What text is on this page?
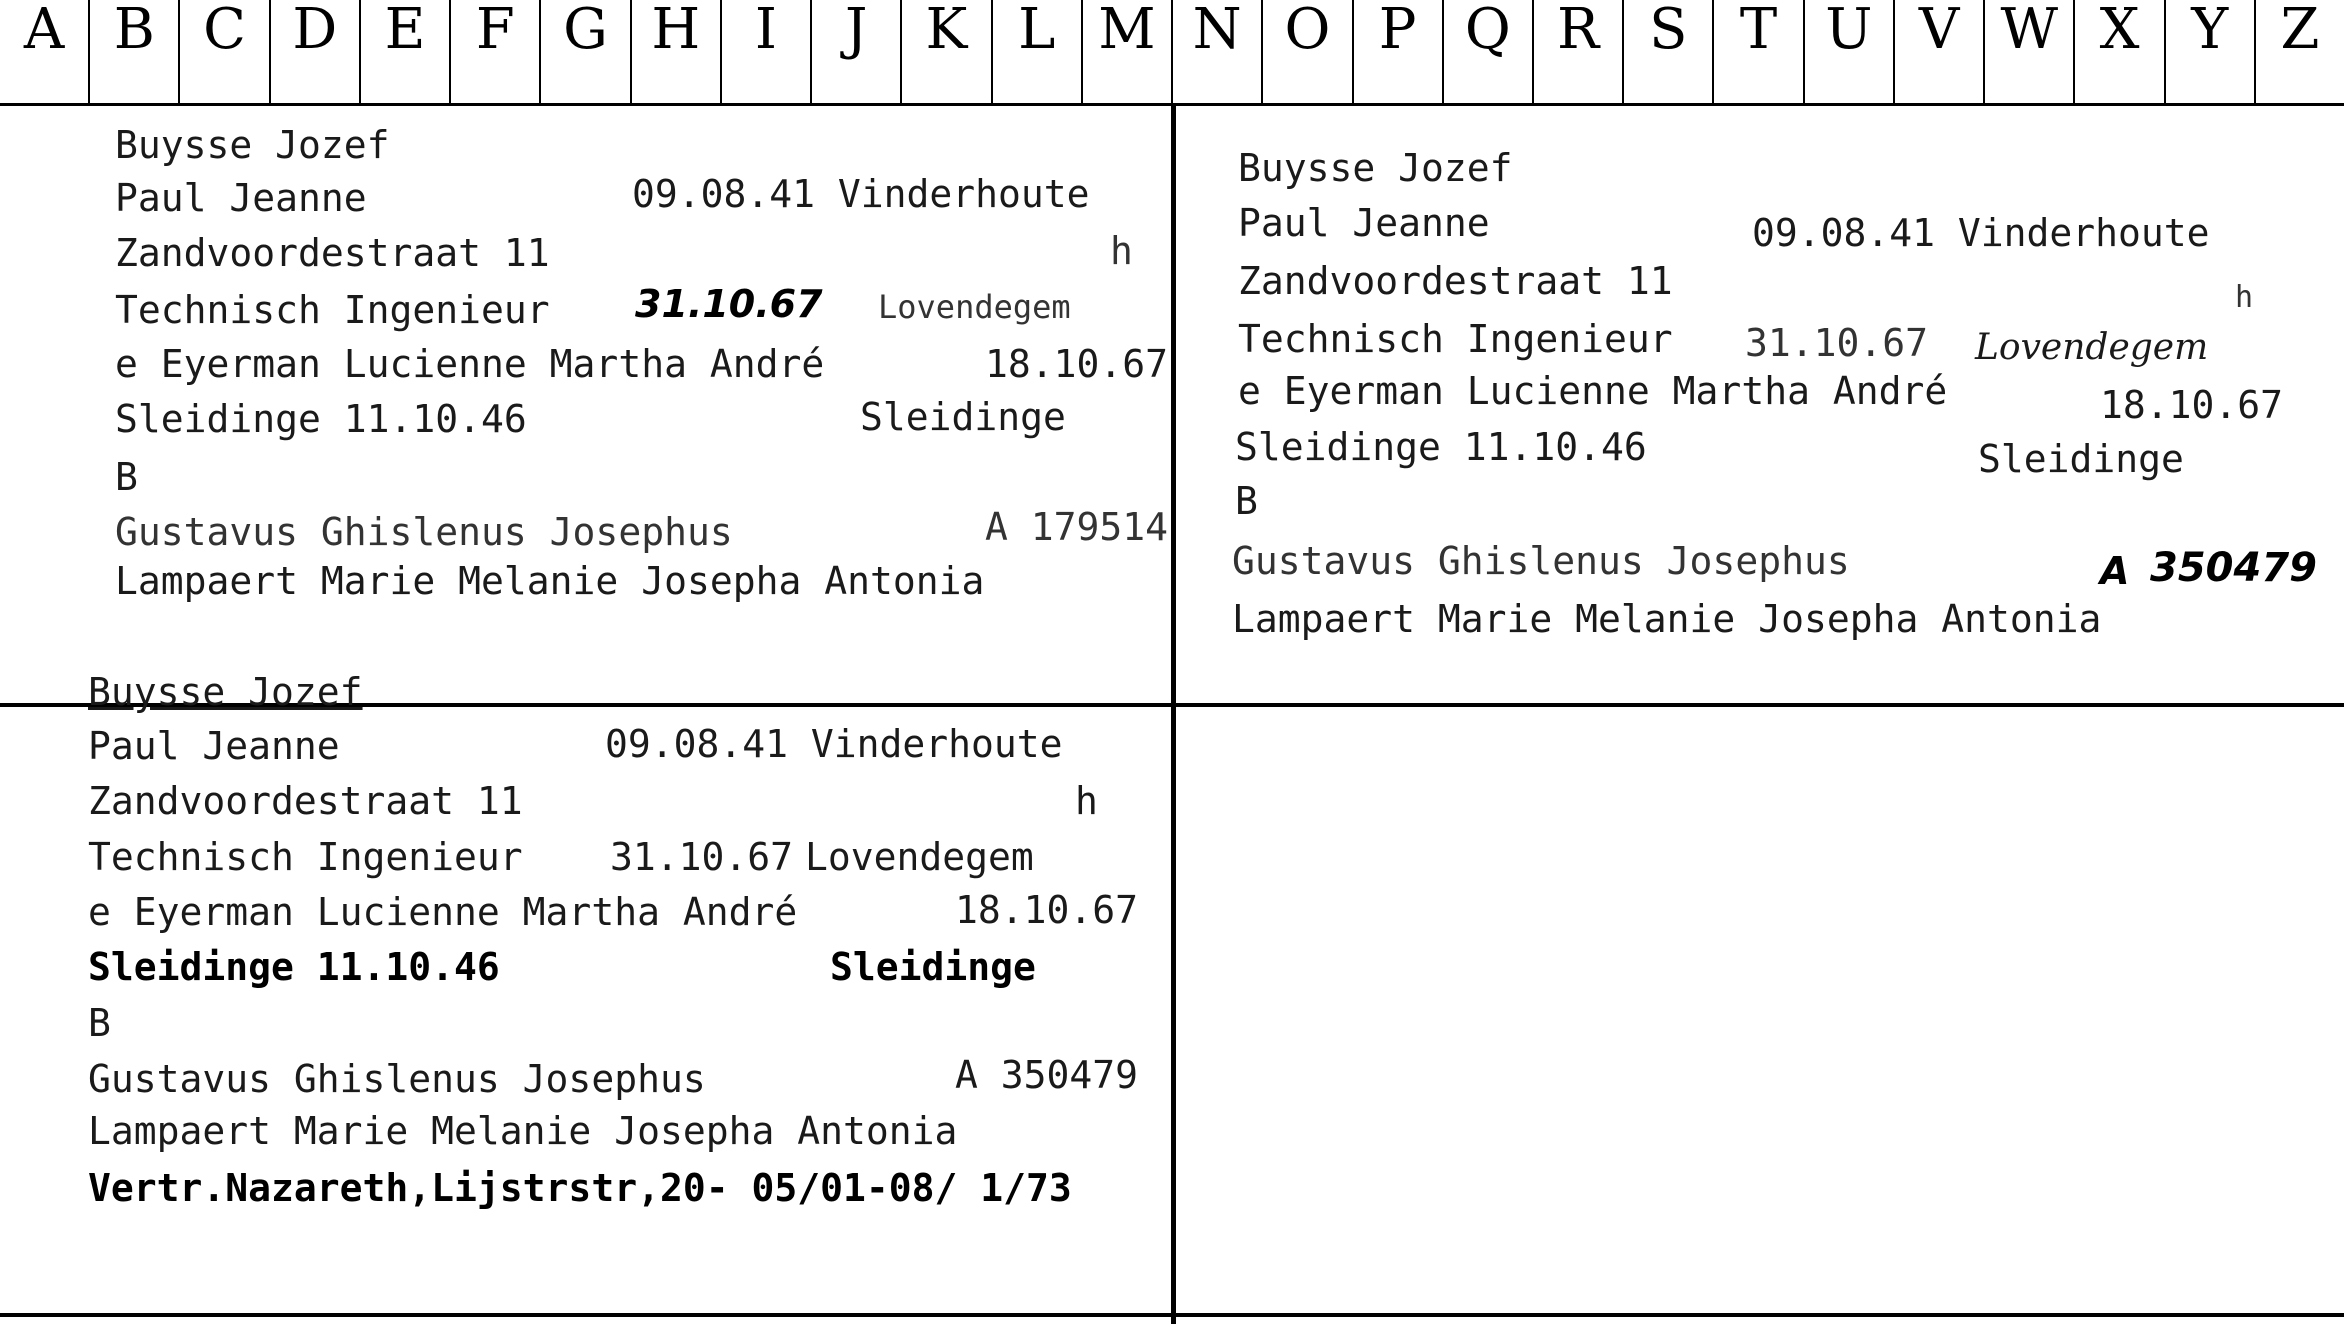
A B C D E F G H I	J	K L M N O P Q R S T U V W X Y Z
Buysse Jozef
Paul Jeanne	09.08.41 Vinderhoute
Zandvoordestraat 11	h
Technisch Ingenieur 31.10.67 Lovendegem
e Eyerman Lucienne Martha André	18.10.67
Sleidinge 11.10.46	Sleidinge
B
Gustavus Ghislenus Josephus	A 179514
Lampaert Marie Melanie Josepha Antonia
Buysse Jozef
Buysse Jozef
Paul Jeanne	09.08.41 Vinderhoute
Zandvoordestraat 11	h
Technisch Ingenieur 31.10.67 Lovendegem
e Eyerman Lucienne Martha André	18.10.67
Sleidinge 11.10.46	Sleidinge
B
Gustavus Ghislenus Josephus	A 350479
Lampaert Marie Melanie Josepha Antonia
Paul Jeanne	09.08.41 Vinderhoute
Zandvoordestraat 11	h
Technisch Ingenieur 31.10.67 Lovendegem
e Eyerman Lucienne Martha André	18.10.67
Sleidinge 11.10.46	Sleidinge
B
Gustavus Ghislenus Josephus	A 350479
Lampaert Marie Melanie Josepha Antonia
Vertr.Nazareth,Lijstrstr,20- 05/01-08/ 1/73
